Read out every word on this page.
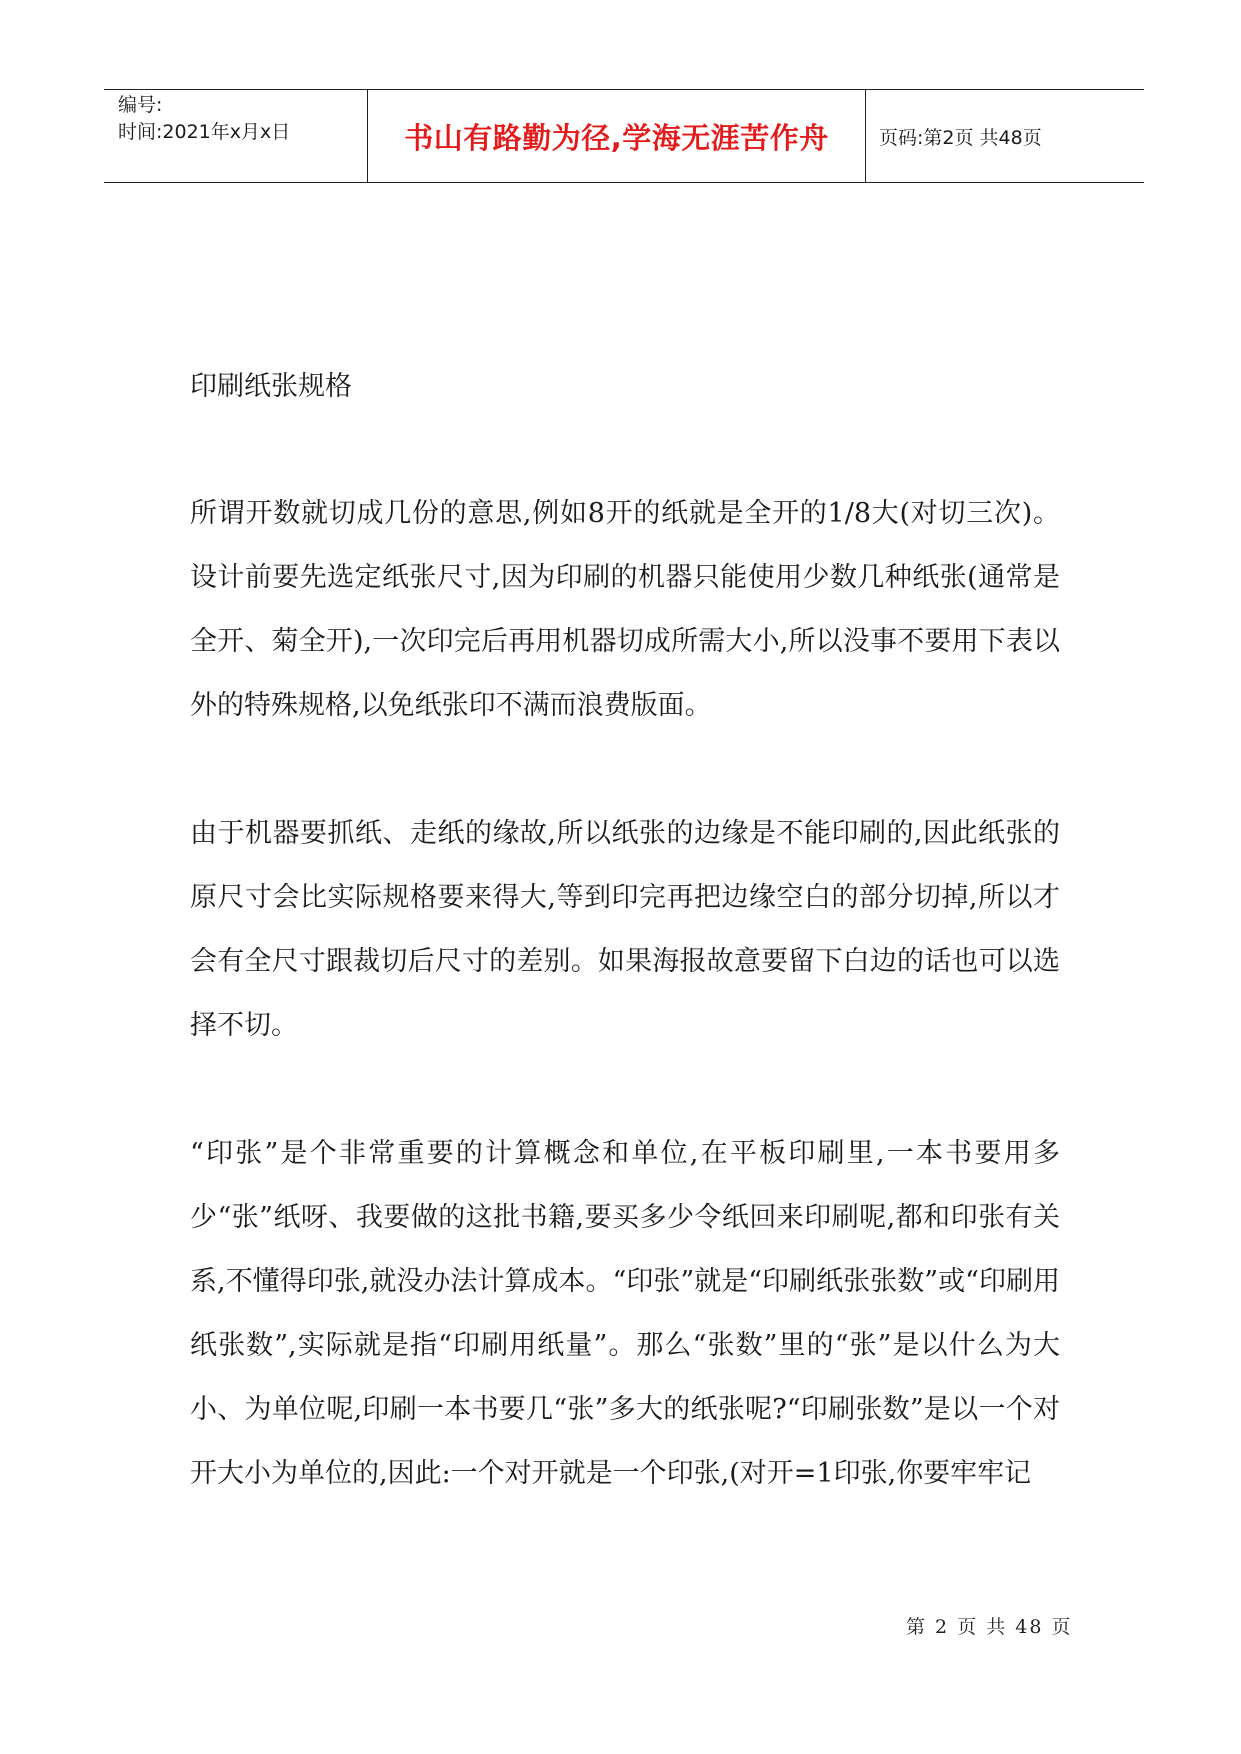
编号:
时间:2021年x月x日	书山有路勤为径,学海无涯苦作舟	页码:第2页 共48页

印刷纸张规格

所谓开数就切成几份的意思,例如8开的纸就是全开的1/8大(对切三次)。设计前要先选定纸张尺寸,因为印刷的机器只能使用少数几种纸张(通常是全开、菊全开),一次印完后再用机器切成所需大小,所以没事不要用下表以外的特殊规格,以免纸张印不满而浪费版面。

由于机器要抓纸、走纸的缘故,所以纸张的边缘是不能印刷的,因此纸张的原尺寸会比实际规格要来得大,等到印完再把边缘空白的部分切掉,所以才会有全尺寸跟裁切后尺寸的差别。如果海报故意要留下白边的话也可以选择不切。

“印张”是个非常重要的计算概念和单位,在平板印刷里,一本书要用多少“张”纸呀、我要做的这批书籍,要买多少令纸回来印刷呢,都和印张有关系,不懂得印张,就没办法计算成本。“印张”就是“印刷纸张张数”或“印刷用纸张数”,实际就是指“印刷用纸量”。那么“张数”里的“张”是以什么为大小、为单位呢,印刷一本书要几“张”多大的纸张呢?“印刷张数”是以一个对开大小为单位的,因此:一个对开就是一个印张,(对开=1印张,你要牢牢记

第 2 页 共 48 页
